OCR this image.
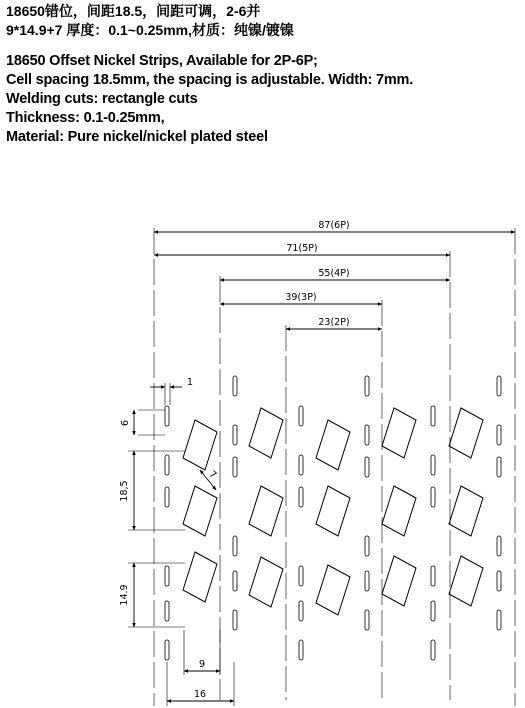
18650错位，间距18.5，间距可调，2-6并
9*14.9+7 厚度：0.1~0.25mm,材质：纯镍/镀镍
18650 Offset Nickel Strips, Available for 2P-6P;
Cell spacing 18.5mm, the spacing is adjustable. Width: 7mm.
Welding cuts: rectangle cuts
Thickness: 0.1-0.25mm,
Material: Pure nickel/nickel plated steel
87(6P)
71(5P)
55(4P)
39(3P)
23(2P)
1
6
18,5
14.9
7
9
16
